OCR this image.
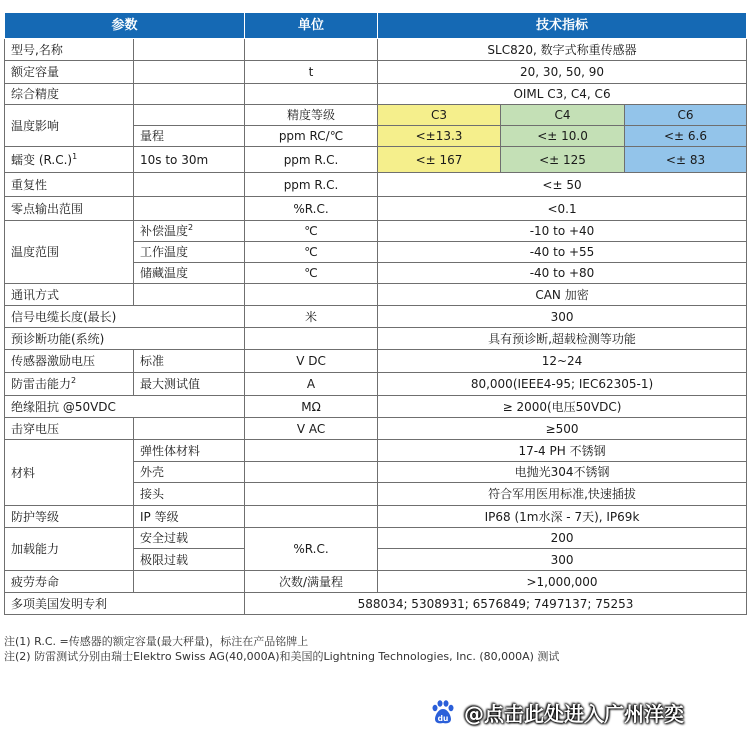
参数		单位	技术指标		
型号,名称			SLC820, 数字式称重传感器		
额定容量		t	20, 30, 50, 90		
综合精度			OIML C3, C4, C6		
温度影响		精度等级	C3	C4	C6
	量程	ppm RC/℃	<±13.3	<± 10.0	<± 6.6
蠕变 $(R.C.)^1$	10s to 30m	ppm R.C.	<± 167	<± 125	<± 83
重复性		ppm R.C.	<± 50		
零点输出范围		%R.C.	<0.1		
温度范围	补偿温度$^2$	℃	-10 to +40		
	工作温度	℃	-40 to +55		
	储藏温度	℃	-40 to +80		
通讯方式			CAN 加密		
信号电缆长度(最长)		米	300		
预诊断功能(系统)			具有预诊断,超载检测等功能		
传感器激励电压	标准	V DC	12~24		
防雷击能力$^2$	最大测试值	A	80,000(IEEE4-95; IEC62305-1)		
绝缘阻抗 @50VDC		MΩ	≥ 2000(电压50VDC)		
击穿电压		V AC	≥500		
材料	弹性体材料		17-4 PH 不锈钢		
	外壳		电抛光304不锈钢		
	接头		符合军用医用标准,快速插拔		
防护等级	IP 等级		IP68 (1m水深 - 7天), IP69k		
加载能力	安全过载	%R.C.	200		
	极限过载		300		
疲劳寿命		次数/满量程	>1,000,000		
多项美国发明专利		588034; 5308931; 6576849; 7497137; 75253			
注(1) R.C. =传感器的额定容量(最大秤量)，标注在产品铭牌上
注(2) 防雷测试分别由瑞士Elektro Swiss AG(40,000A)和美国的Lightning Technologies, Inc. (80,000A) 测试
du @点击此处进入广州洋奕
